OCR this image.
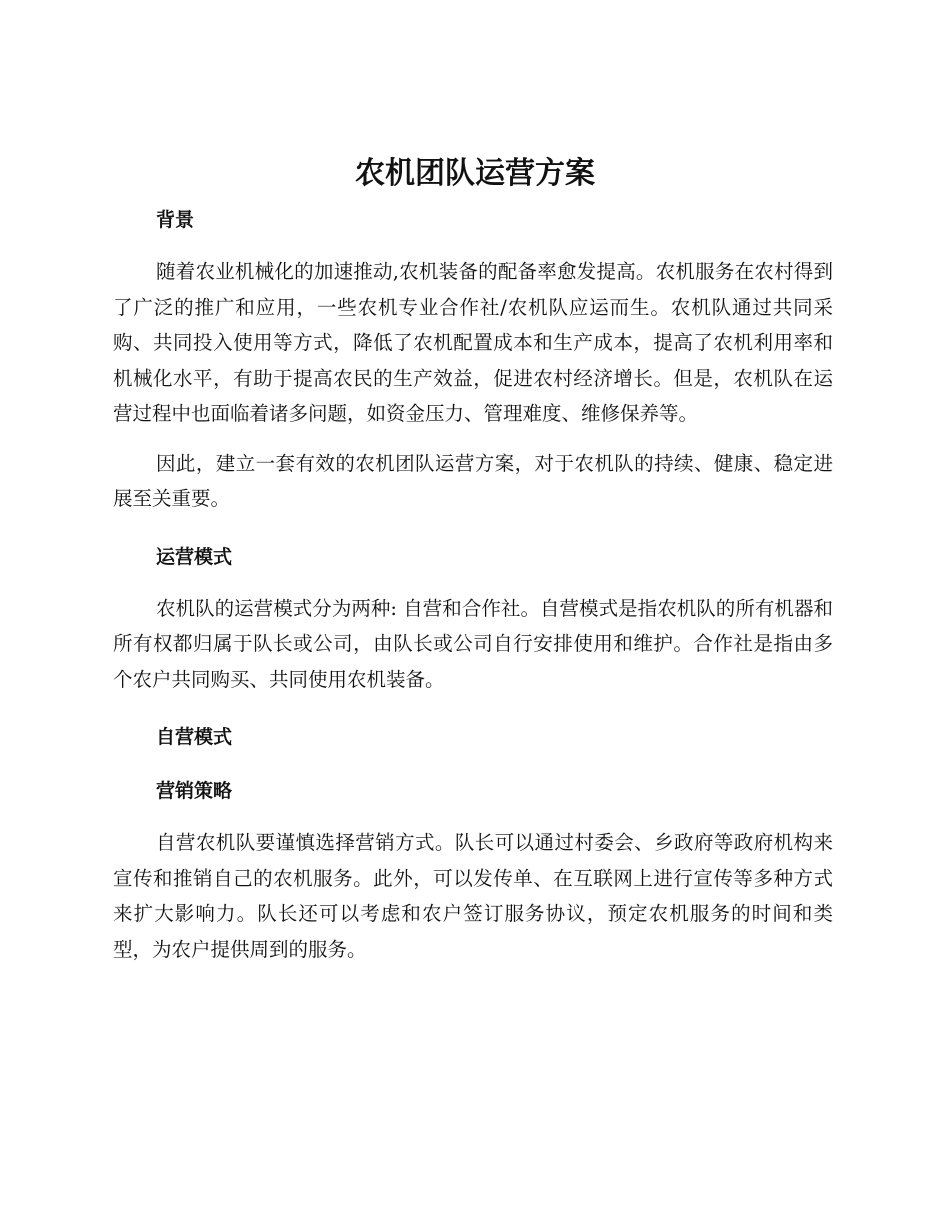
农机团队运营方案
背景

随着农业机械化的加速推动,农机装备的配备率愈发提高。农机服务在农村得到了广泛的推广和应用，一些农机专业合作社/农机队应运而生。农机队通过共同采购、共同投入使用等方式，降低了农机配置成本和生产成本，提高了农机利用率和机械化水平，有助于提高农民的生产效益，促进农村经济增长。但是，农机队在运营过程中也面临着诸多问题，如资金压力、管理难度、维修保养等。

因此，建立一套有效的农机团队运营方案，对于农机队的持续、健康、稳定进展至关重要。

运营模式

农机队的运营模式分为两种: 自营和合作社。自营模式是指农机队的所有机器和所有权都归属于队长或公司，由队长或公司自行安排使用和维护。合作社是指由多个农户共同购买、共同使用农机装备。

自营模式
营销策略

自营农机队要谨慎选择营销方式。队长可以通过村委会、乡政府等政府机构来宣传和推销自己的农机服务。此外，可以发传单、在互联网上进行宣传等多种方式来扩大影响力。队长还可以考虑和农户签订服务协议，预定农机服务的时间和类型，为农户提供周到的服务。
